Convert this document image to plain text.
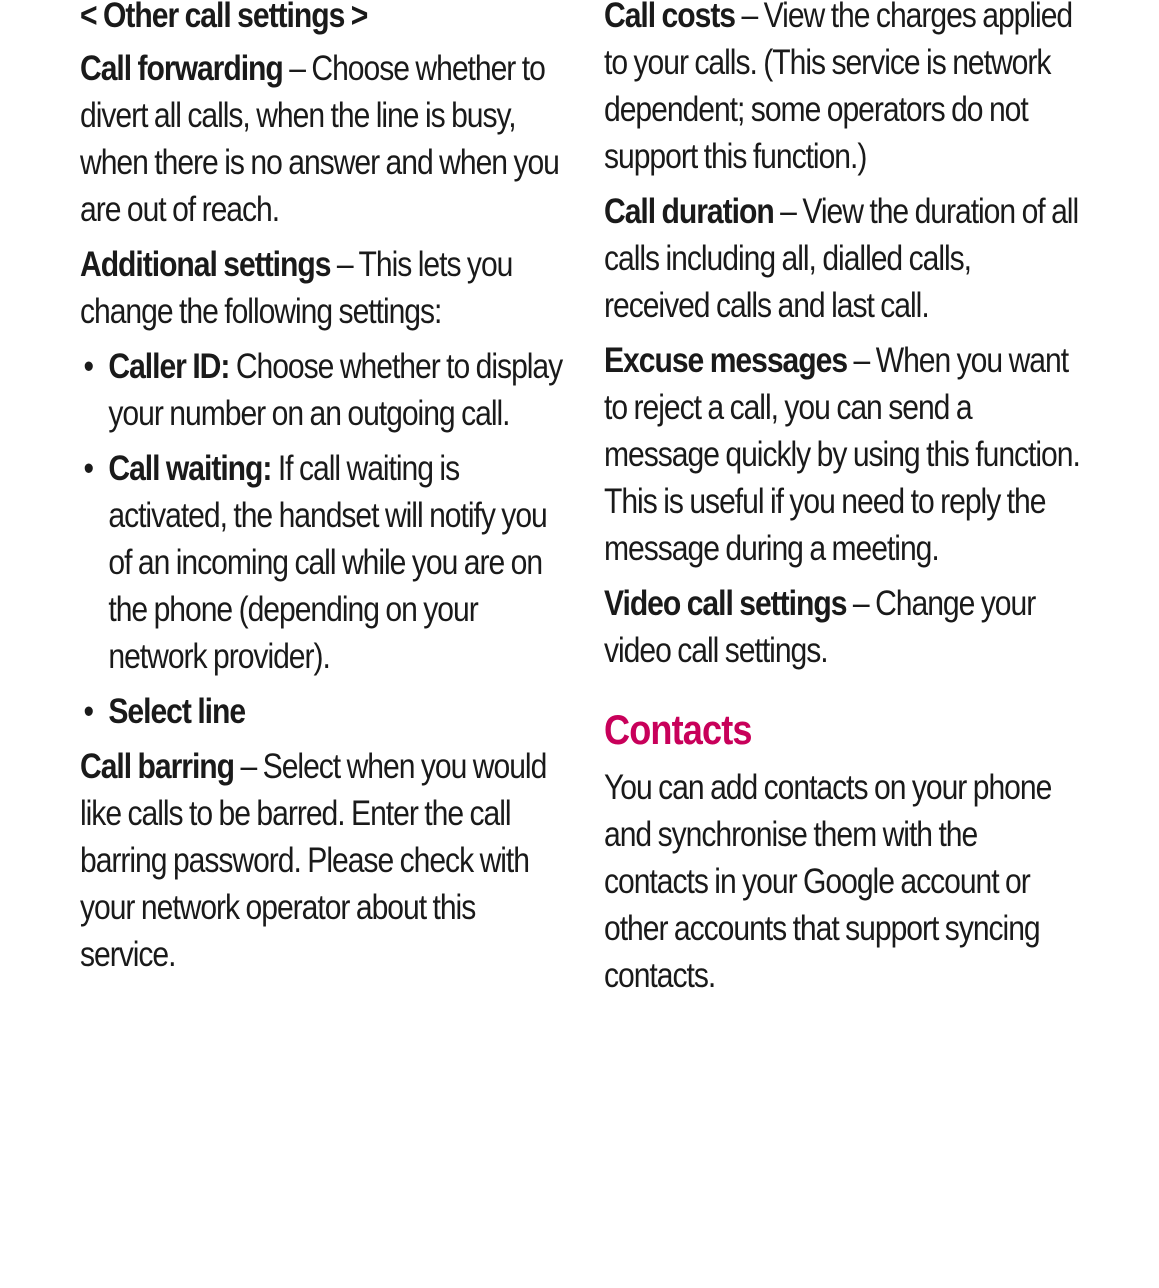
< Other call settings >

Call forwarding – Choose whether to divert all calls, when the line is busy, when there is no answer and when you are out of reach.

Additional settings – This lets you change the following settings:

• Caller ID: Choose whether to display your number on an outgoing call.
• Call waiting: If call waiting is activated, the handset will notify you of an incoming call while you are on the phone (depending on your network provider).
• Select line

Call barring – Select when you would like calls to be barred. Enter the call barring password. Please check with your network operator about this service.

Call costs – View the charges applied to your calls. (This service is network dependent; some operators do not support this function.)

Call duration – View the duration of all calls including all, dialled calls, received calls and last call.

Excuse messages – When you want to reject a call, you can send a message quickly by using this function. This is useful if you need to reply the message during a meeting.

Video call settings – Change your video call settings.

Contacts

You can add contacts on your phone and synchronise them with the contacts in your Google account or other accounts that support syncing contacts.
